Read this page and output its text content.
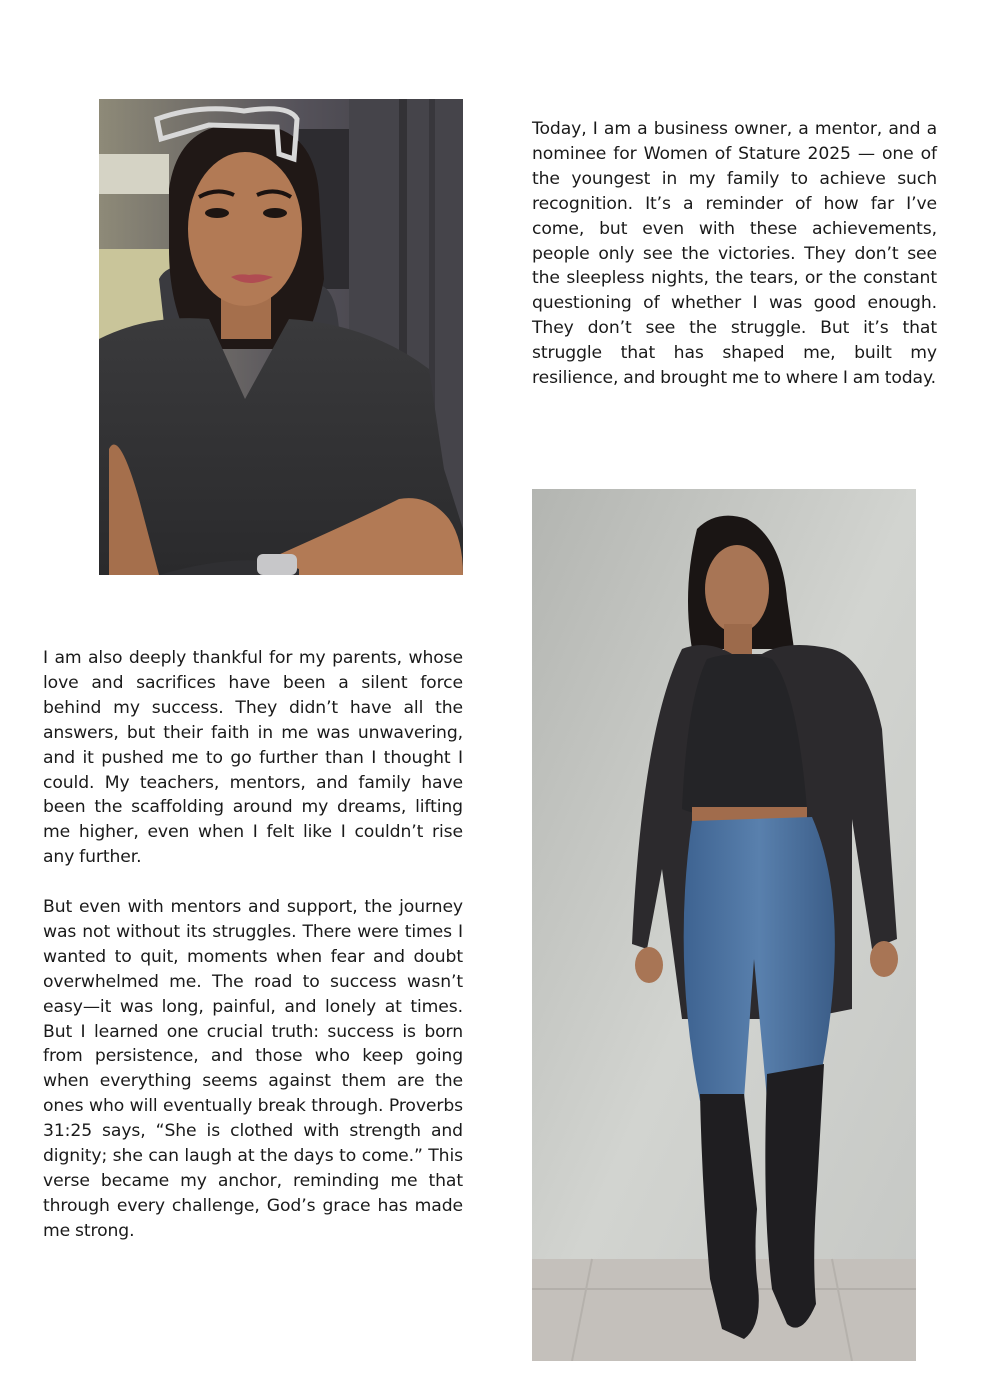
Today, I am a business owner, a mentor, and a nominee for Women of Stature 2025 — one of the youngest in my family to achieve such recognition. It’s a reminder of how far I’ve come, but even with these achievements, people only see the victories. They don’t see the sleepless nights, the tears, or the constant questioning of whether I was good enough. They don’t see the struggle. But it’s that struggle that has shaped me, built my resilience, and brought me to where I am today.

I am also deeply thankful for my parents, whose love and sacrifices have been a silent force behind my success. They didn’t have all the answers, but their faith in me was unwavering, and it pushed me to go further than I thought I could. My teachers, mentors, and family have been the scaffolding around my dreams, lifting me higher, even when I felt like I couldn’t rise any further.

But even with mentors and support, the journey was not without its struggles. There were times I wanted to quit, moments when fear and doubt overwhelmed me. The road to success wasn’t easy—it was long, painful, and lonely at times. But I learned one crucial truth: success is born from persistence, and those who keep going when everything seems against them are the ones who will eventually break through. Proverbs 31:25 says, “She is clothed with strength and dignity; she can laugh at the days to come.” This verse became my anchor, reminding me that through every challenge, God’s grace has made me strong.
